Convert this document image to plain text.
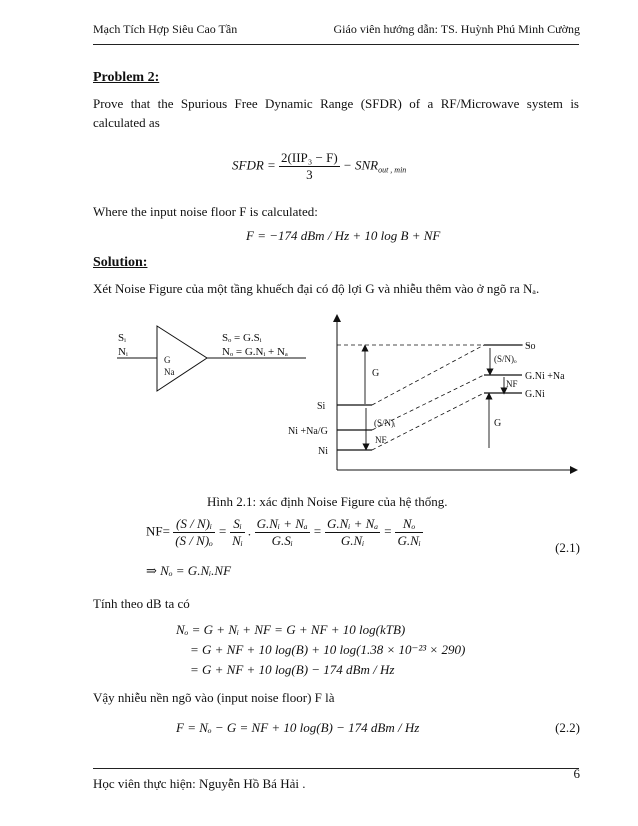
Mạch Tích Hợp Siêu Cao Tần	Giáo viên hướng dẫn: TS. Huỳnh Phú Minh Cường
Problem 2:
Prove that the Spurious Free Dynamic Range (SFDR) of a RF/Microwave system is calculated as
SFDR = $\frac{\text{2(IIP₃ − F)}}{3} - SNR_{out , min}$
Where the input noise floor F is calculated:
F = −174 dBm / Hz + 10 log B + NF
Solution:
Xét Noise Figure của một tầng khuếch đại có độ lợi G và nhiễu thêm vào ở ngõ ra Nₐ.
Sᵢ
Nᵢ
Sₒ = G.Sᵢ
Nₒ = G.Nᵢ + Nₐ
G
Na
So
(S/N)ₒ
G	G.Ni +Na
NF
G.Ni
Si
(S/N)ᵢ	G
Ni +Na/G
NF
Ni
Hình 2.1: xác định Noise Figure của hệ thống.
$NF= \frac{\text{(S / N)ᵢ}}{\text{(S / N)ₒ}} = \frac{\text{Sᵢ}}{\text{Nᵢ}}$ . $\frac{\text{G.Nᵢ + Nₐ}}{\text{G.Sᵢ}} = \frac{\text{G.Nᵢ + Nₐ}}{\text{G.Nᵢ}} = \frac{\text{Nₒ}}{\text{G.Nᵢ}}$	(2.1)
⇒ Nₒ = G.Nᵢ.NF
Tính theo dB ta có
Nₒ = G + Nᵢ + NF = G + NF + 10 log(kTB)
= G + NF + 10 log(B) + 10 log(1.38 × 10⁻²³ × 290)
= G + NF + 10 log(B) − 174 dBm / Hz
Vậy nhiễu nền ngõ vào (input noise floor) F là
F = Nₒ − G = NF + 10 log(B) − 174 dBm / Hz	(2.2)
Học viên thực hiện: Nguyễn Hồ Bá Hải .
6
